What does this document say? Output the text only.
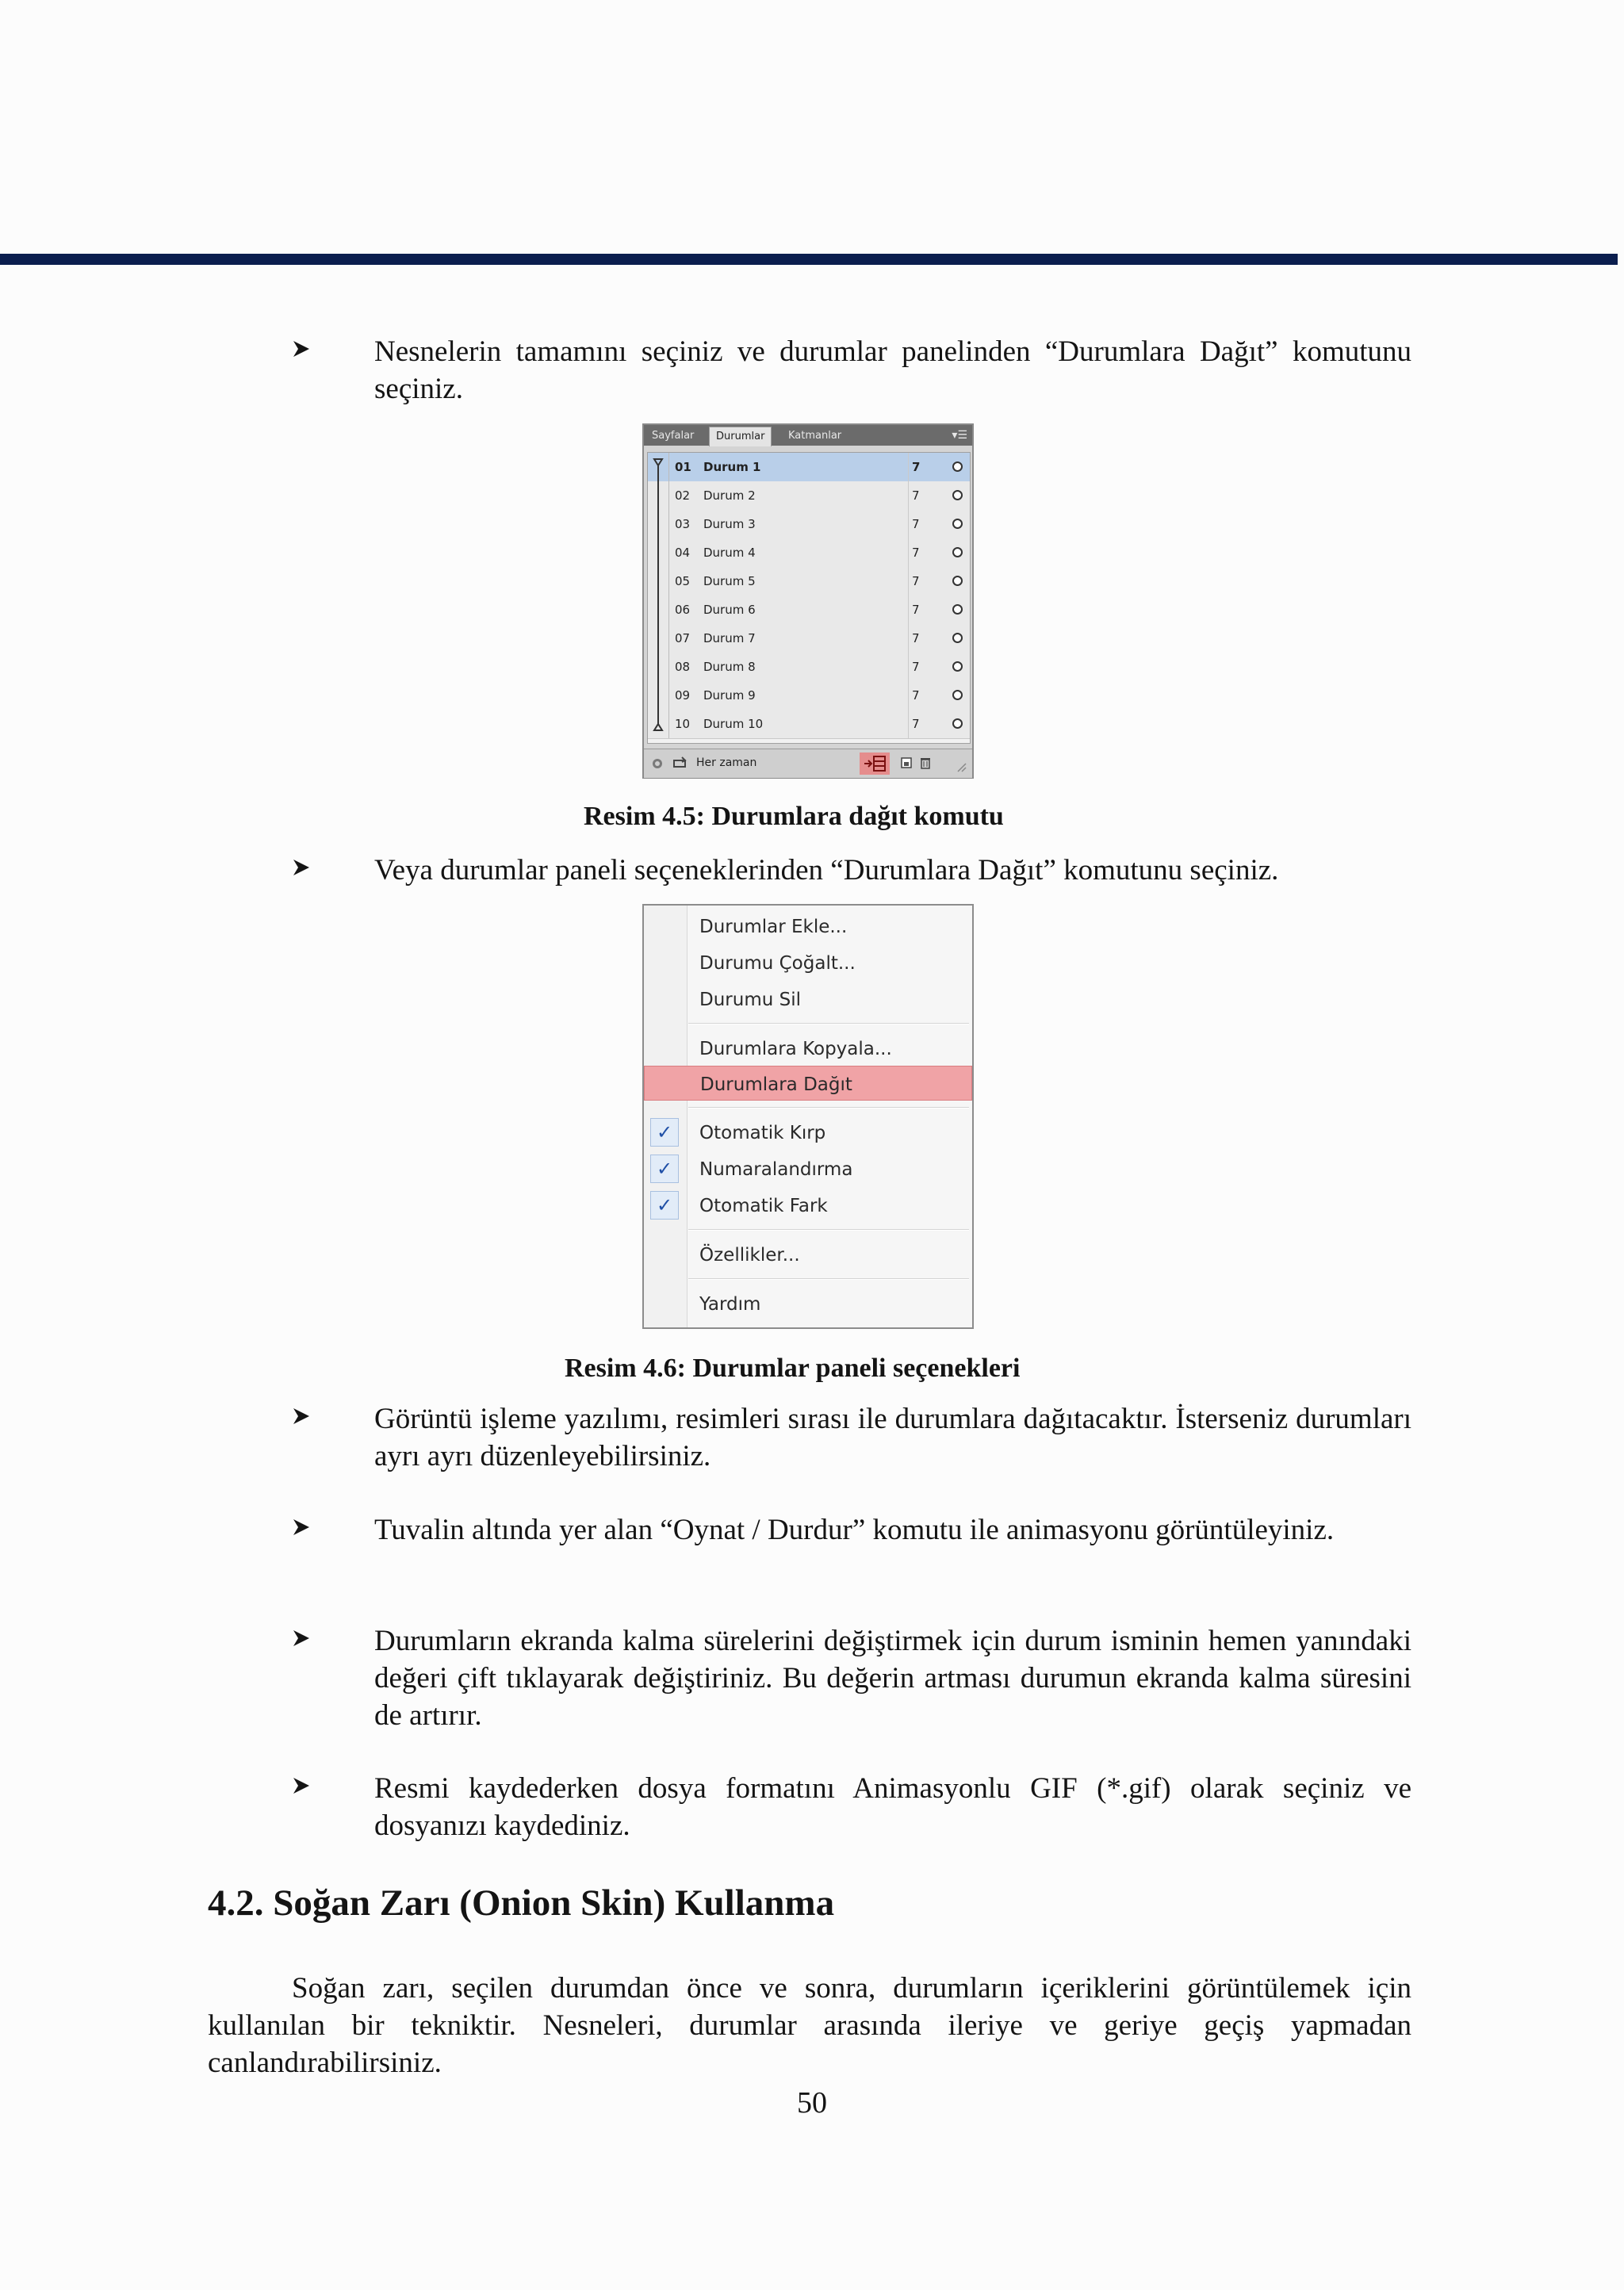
Nesnelerin tamamını seçiniz ve durumlar panelinden “Durumlara Dağıt” komutunu seçiniz.
Sayfalar	Durumlar	Katmanlar	▾☰
01 Durum 1	7
02 Durum 2	7
03 Durum 3	7
04 Durum 4	7
05 Durum 5	7
06 Durum 6	7
07 Durum 7	7
08 Durum 8	7
09 Durum 9	7
10 Durum 10	7
Her zaman
Resim 4.5: Durumlara dağıt komutu
Veya durumlar paneli seçeneklerinden “Durumlara Dağıt” komutunu seçiniz.
Durumlar Ekle...
Durumu Çoğalt...
Durumu Sil
Durumlara Kopyala...
Durumlara Dağıt
✓	Otomatik Kırp
✓	Numaralandırma
✓	Otomatik Fark
Özellikler...
Yardım
Resim 4.6: Durumlar paneli seçenekleri
Görüntü işleme yazılımı, resimleri sırası ile durumlara dağıtacaktır. İsterseniz durumları ayrı ayrı düzenleyebilirsiniz.
Tuvalin altında yer alan “Oynat / Durdur” komutu ile animasyonu görüntüleyiniz.
Durumların ekranda kalma sürelerini değiştirmek için durum isminin hemen yanındaki değeri çift tıklayarak değiştiriniz. Bu değerin artması durumun ekranda kalma süresini de artırır.
Resmi kaydederken dosya formatını Animasyonlu GIF (*.gif) olarak seçiniz ve dosyanızı kaydediniz.
4.2. Soğan Zarı (Onion Skin) Kullanma
Soğan zarı, seçilen durumdan önce ve sonra, durumların içeriklerini görüntülemek için kullanılan bir tekniktir. Nesneleri, durumlar arasında ileriye ve geriye geçiş yapmadan canlandırabilirsiniz.
50
